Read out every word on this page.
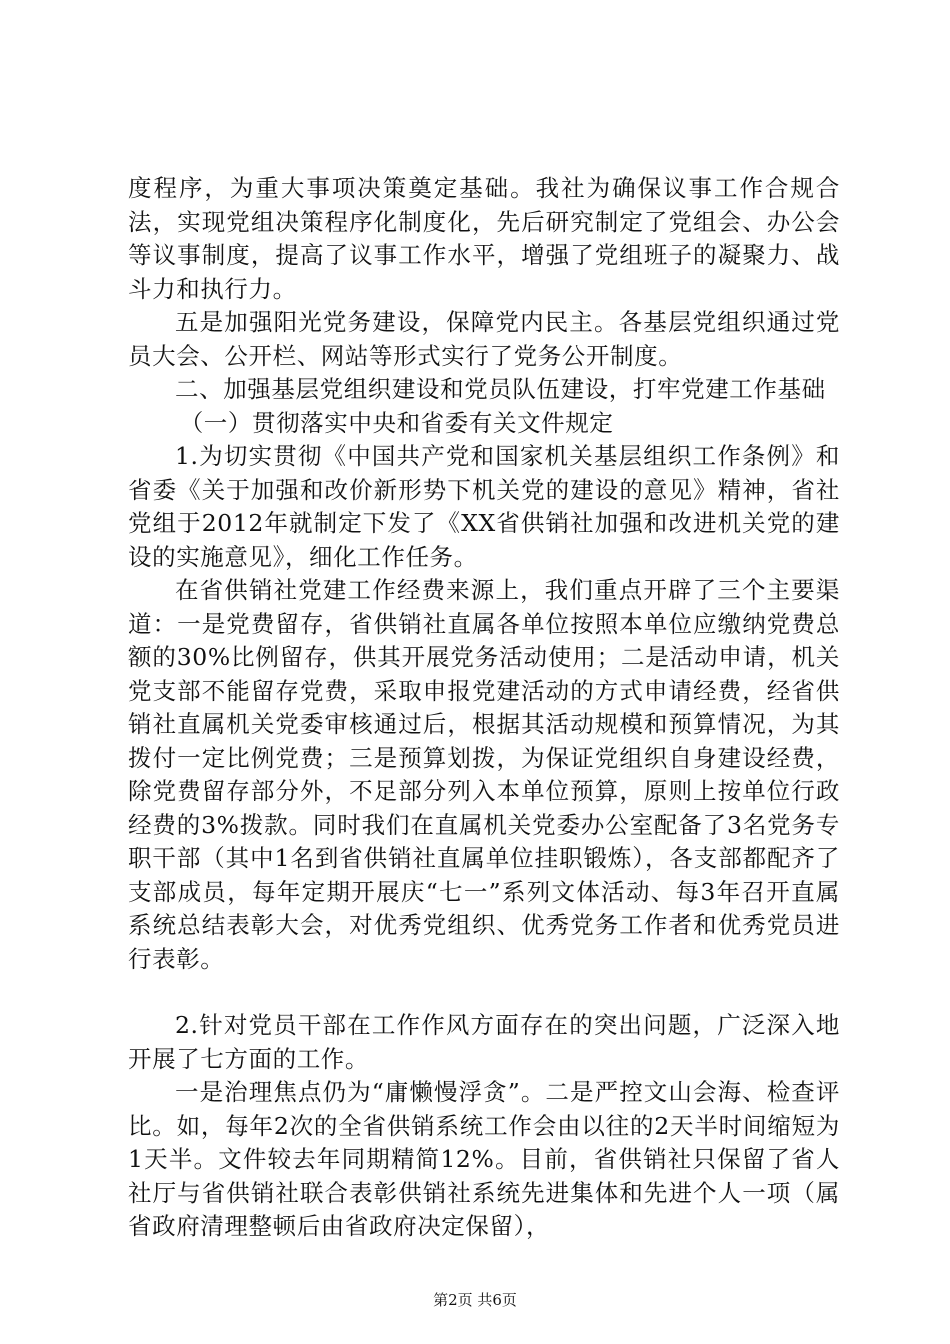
度程序，为重大事项决策奠定基础。我社为确保议事工作合规合法，实现党组决策程序化制度化，先后研究制定了党组会、办公会等议事制度，提高了议事工作水平，增强了党组班子的凝聚力、战斗力和执行力。

五是加强阳光党务建设，保障党内民主。各基层党组织通过党员大会、公开栏、网站等形式实行了党务公开制度。

二、加强基层党组织建设和党员队伍建设，打牢党建工作基础

（一）贯彻落实中央和省委有关文件规定

1.为切实贯彻《中国共产党和国家机关基层组织工作条例》和省委《关于加强和改价新形势下机关党的建设的意见》精神，省社党组于2012年就制定下发了《XX省供销社加强和改进机关党的建设的实施意见》，细化工作任务。

在省供销社党建工作经费来源上，我们重点开辟了三个主要渠道：一是党费留存，省供销社直属各单位按照本单位应缴纳党费总额的30%比例留存，供其开展党务活动使用；二是活动申请，机关党支部不能留存党费，采取申报党建活动的方式申请经费，经省供销社直属机关党委审核通过后，根据其活动规模和预算情况，为其拨付一定比例党费；三是预算划拨，为保证党组织自身建设经费，除党费留存部分外，不足部分列入本单位预算，原则上按单位行政经费的3%拨款。同时我们在直属机关党委办公室配备了3名党务专职干部（其中1名到省供销社直属单位挂职锻炼），各支部都配齐了支部成员，每年定期开展庆“七一”系列文体活动、每3年召开直属系统总结表彰大会，对优秀党组织、优秀党务工作者和优秀党员进行表彰。

2.针对党员干部在工作作风方面存在的突出问题，广泛深入地开展了七方面的工作。

一是治理焦点仍为“庸懒慢浮贪”。二是严控文山会海、检查评比。如，每年2次的全省供销系统工作会由以往的2天半时间缩短为1天半。文件较去年同期精简12%。目前，省供销社只保留了省人社厅与省供销社联合表彰供销社系统先进集体和先进个人一项（属省政府清理整顿后由省政府决定保留），

第2页 共6页
